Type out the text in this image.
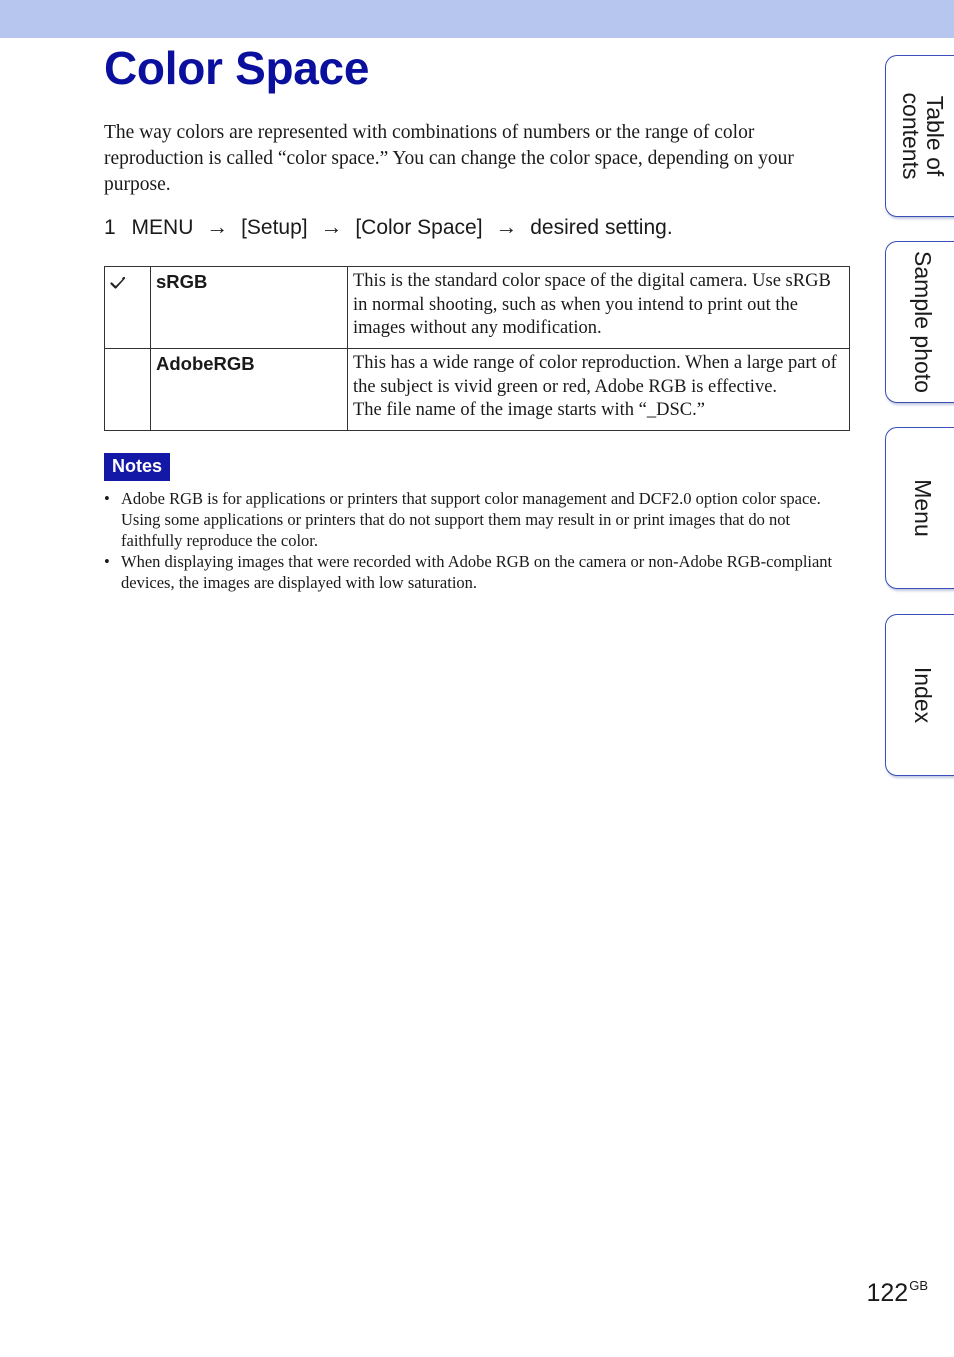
Color Space

The way colors are represented with combinations of numbers or the range of color reproduction is called “color space.” You can change the color space, depending on your purpose.

1 MENU → [Setup] → [Color Space] → desired setting.
	sRGB	This is the standard color space of the digital camera. Use sRGB in normal shooting, such as when you intend to print out the images without any modification.
	AdobeRGB	This has a wide range of color reproduction. When a large part of the subject is vivid green or red, Adobe RGB is effective.
The file name of the image starts with “_DSC.”
Notes
• Adobe RGB is for applications or printers that support color management and DCF2.0 option color space. Using some applications or printers that do not support them may result in or print images that do not faithfully reproduce the color.
• When displaying images that were recorded with Adobe RGB on the camera or non-Adobe RGB-compliant devices, the images are displayed with low saturation.
Table of
contents
Sample photo
Menu
Index
$122^{GB}$
